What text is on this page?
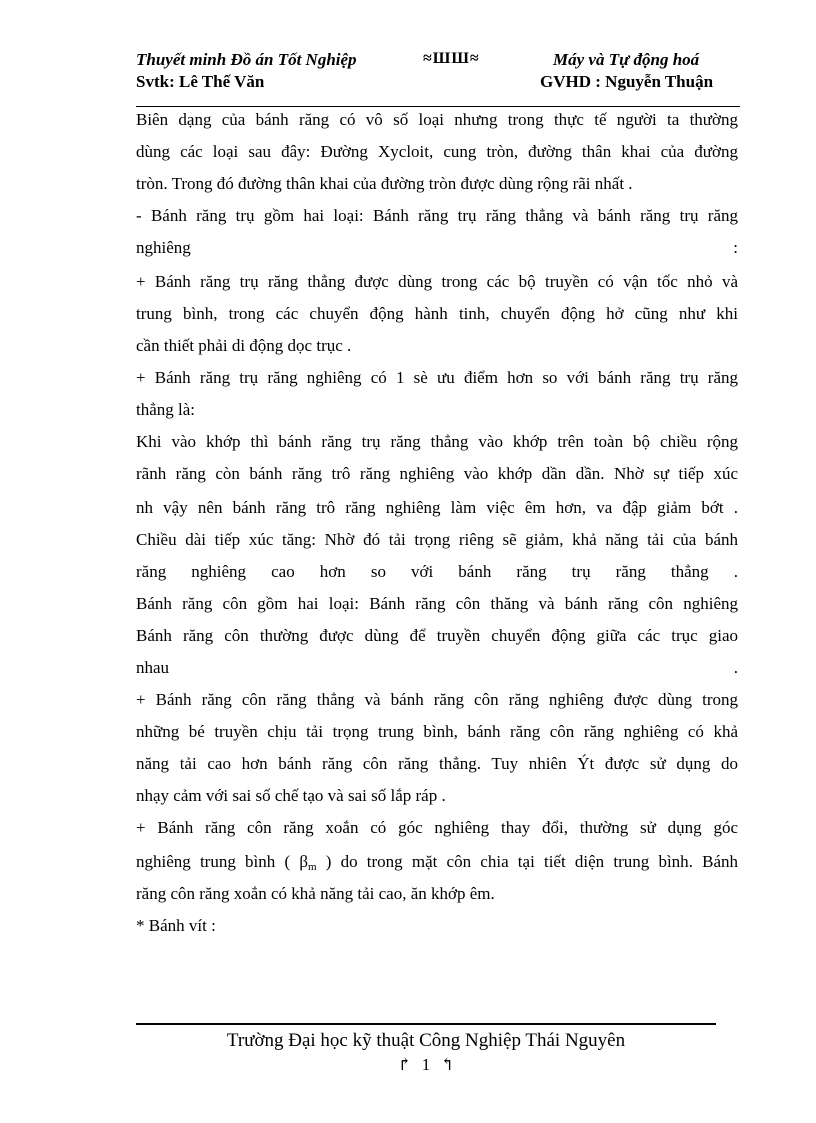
Thuyết minh Đồ án Tốt Nghiệp	≈ШШ≈	Máy và Tự động hoá
Svtk: Lê Thế Văn	GVHD : Nguyễn Thuận
Biên dạng của bánh răng có vô số loại nhưng trong thực tế người ta thường
dùng các loại sau đây: Đường Xycloit, cung tròn, đường thân khai của đường
tròn. Trong đó đường thân khai của đường tròn được dùng rộng rãi nhất .
- Bánh răng trụ gồm hai loại: Bánh răng trụ răng thẳng và bánh răng trụ răng
nghiêng :
+ Bánh răng trụ răng thẳng được dùng trong các bộ truyền có vận tốc nhỏ và
trung bình, trong các chuyển động hành tinh, chuyển động hở cũng như khi
cần thiết phải di động dọc trục .
+ Bánh răng trụ răng nghiêng có 1 sè ưu điểm hơn so với bánh răng trụ răng
thẳng là:
Khi vào khớp thì bánh răng trụ răng thẳng vào khớp trên toàn bộ chiều rộng
rãnh răng còn bánh răng trô răng nghiêng vào khớp dần dần. Nhờ sự tiếp xúc
nh vậy nên bánh răng trô răng nghiêng làm việc êm hơn, va đập giảm bớt .
Chiều dài tiếp xúc tăng: Nhờ đó tải trọng riêng sẽ giảm, khả năng tải của bánh
răng nghiêng cao hơn so với bánh răng trụ răng thẳng .
Bánh răng côn gồm hai loại: Bánh răng côn thăng và bánh răng côn nghiêng
Bánh răng côn thường được dùng để truyền chuyển động giữa các trục giao
nhau .
+ Bánh răng côn răng thẳng và bánh răng côn răng nghiêng được dùng trong
những bé truyền chịu tải trọng trung bình, bánh răng côn răng nghiêng có khả
năng tải cao hơn bánh răng côn răng thẳng. Tuy nhiên Ýt được sử dụng do
nhạy cảm với sai số chế tạo và sai số lắp ráp .
+ Bánh răng côn răng xoắn có góc nghiêng thay đổi, thường sử dụng góc
nghiêng trung bình ( $\beta_m$ ) do trong mặt côn chia tại tiết diện trung bình. Bánh
răng côn răng xoắn có khả năng tải cao, ăn khớp êm.
* Bánh vít :
Trường Đại học kỹ thuật Công Nghiệp Thái Nguyên
↱ 1 ↰
